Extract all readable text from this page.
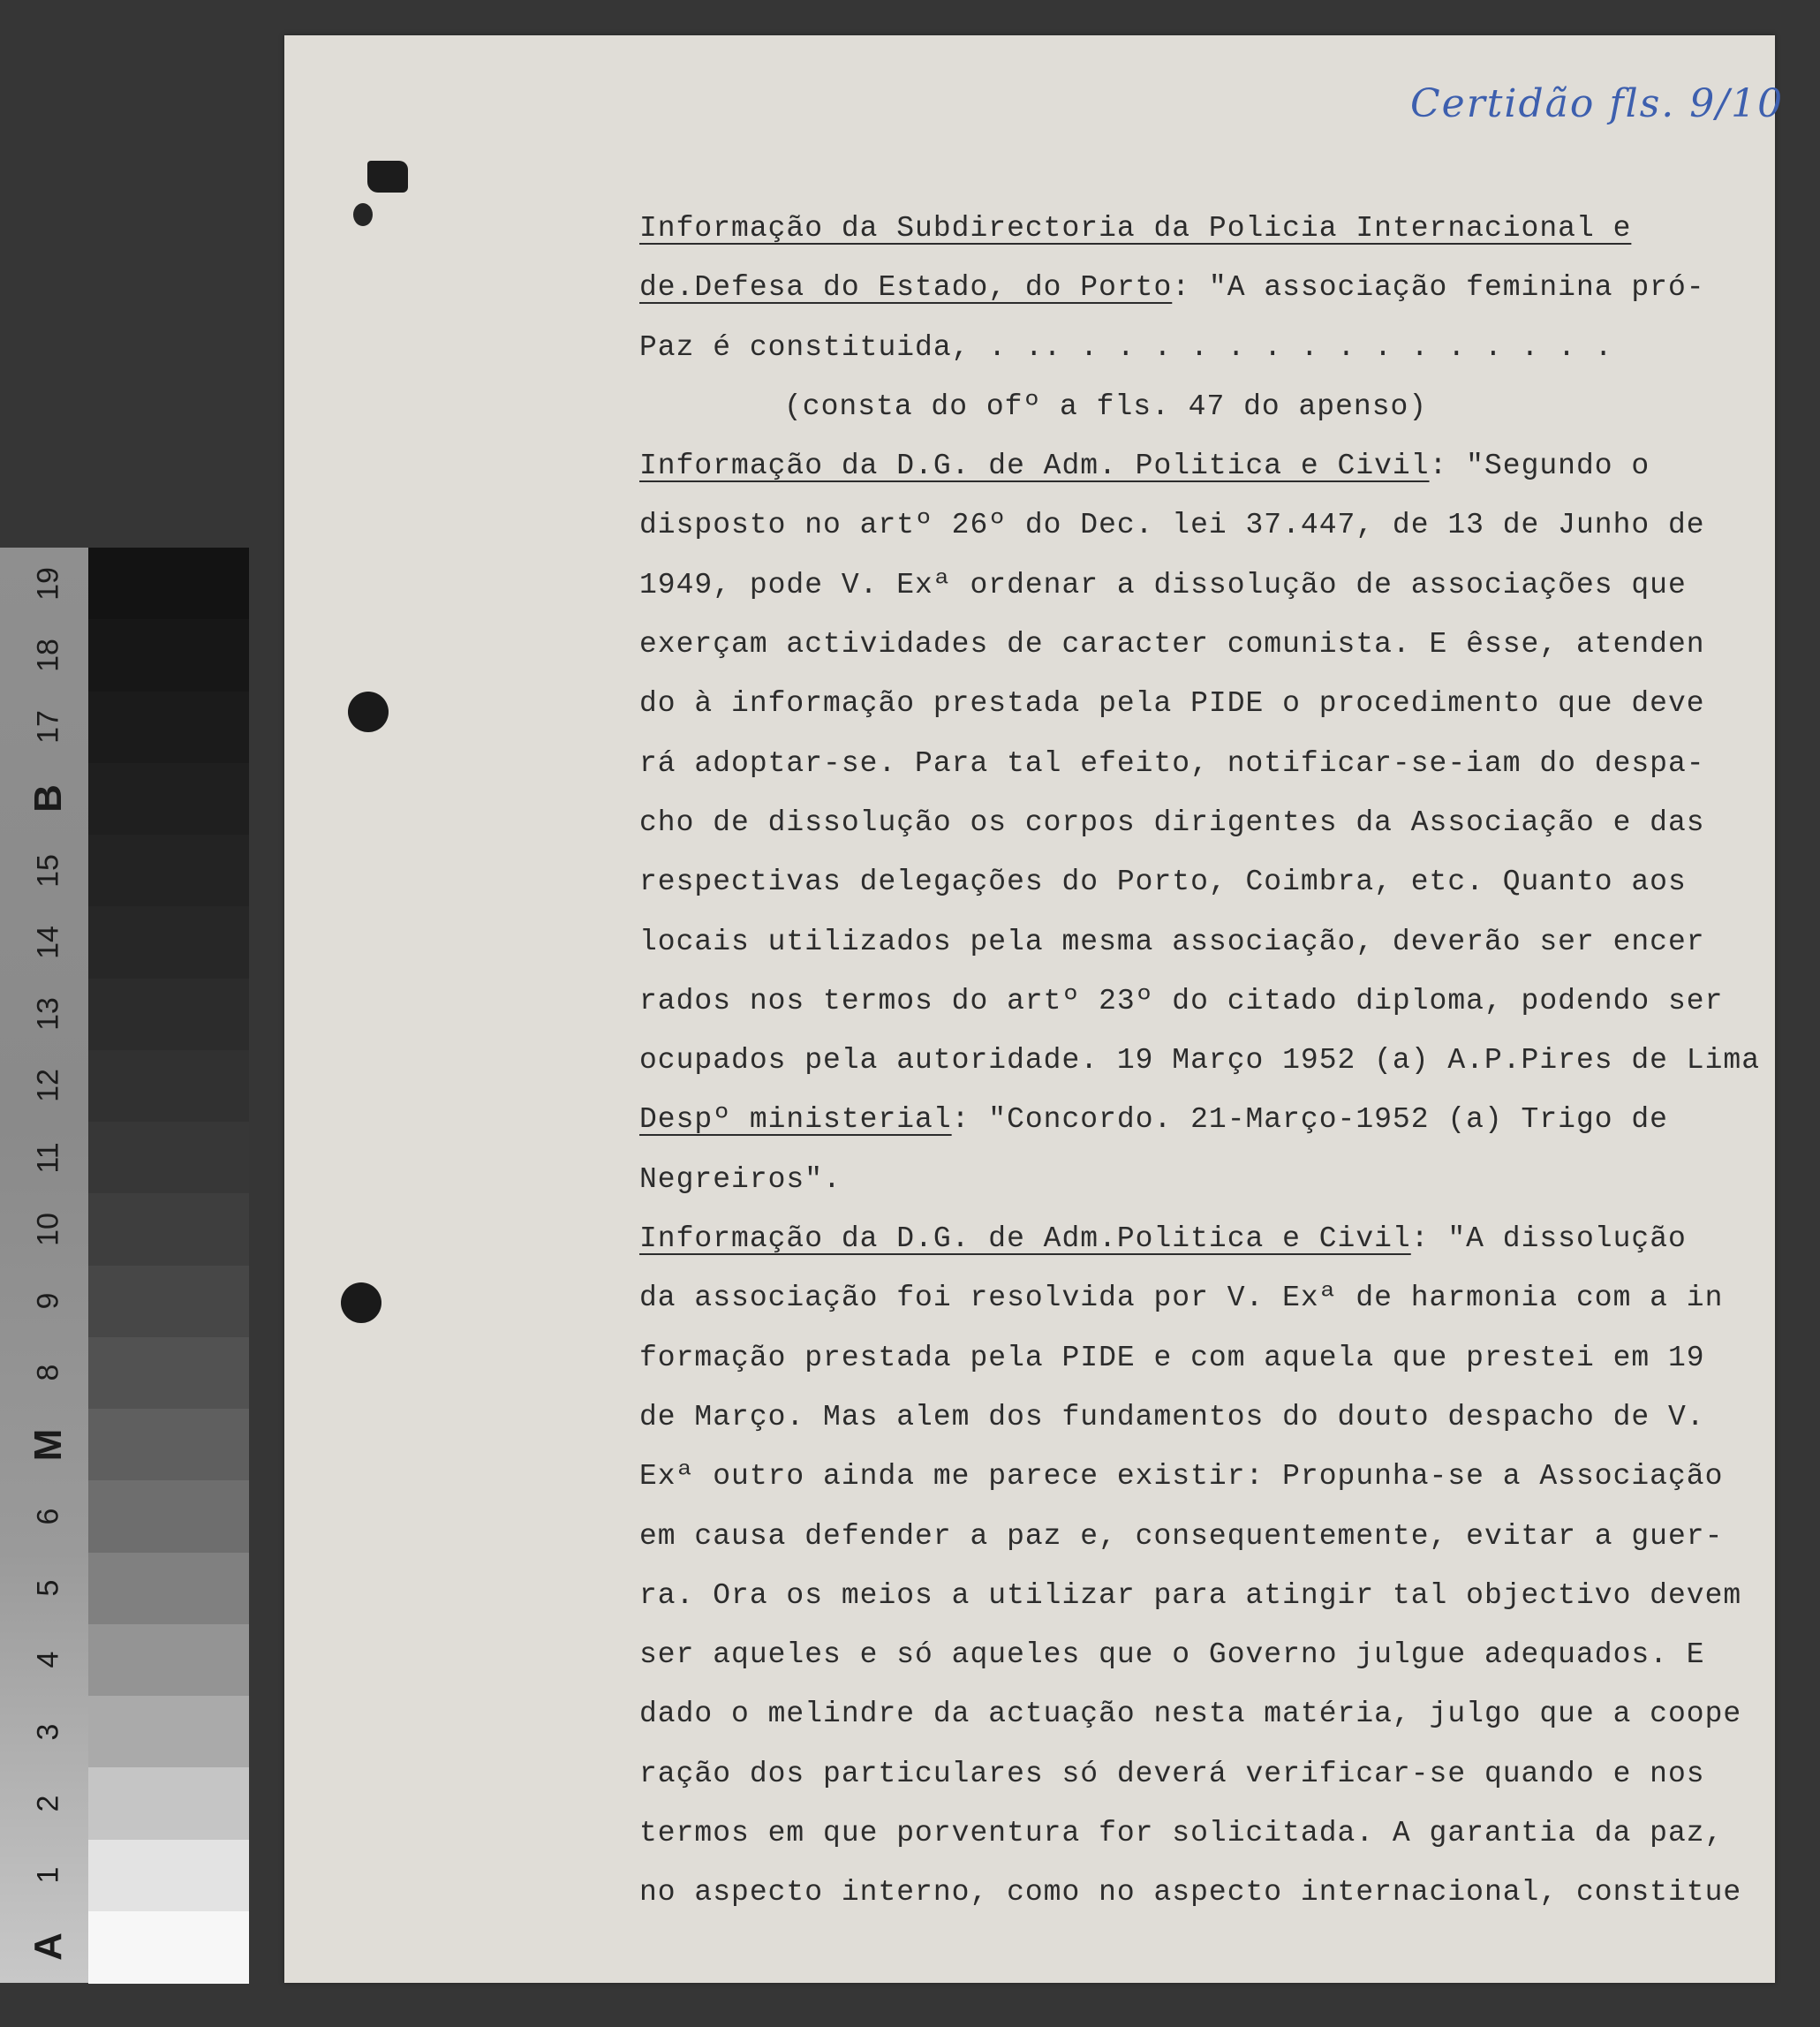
19
18
17
B
15
14
13
12
11
10
9
8
M
6
5
4
3
2
1
A
Certidão fls. 9/10
Informação da Subdirectoria da Policia Internacional e
de.Defesa do Estado, do Porto: "A associação feminina pró-
Paz é constituida, . .. . . . . . . . . . . . . . . .
(consta do ofº a fls. 47 do apenso)
Informação da D.G. de Adm. Politica e Civil: "Segundo o
disposto no artº 26º do Dec. lei 37.447, de 13 de Junho de
1949, pode V. Exª ordenar a dissolução de associações que
exerçam actividades de caracter comunista. E êsse, atenden
do à informação prestada pela PIDE o procedimento que deve
rá adoptar-se. Para tal efeito, notificar-se-iam do despa-
cho de dissolução os corpos dirigentes da Associação e das
respectivas delegações do Porto, Coimbra, etc. Quanto aos
locais utilizados pela mesma associação, deverão ser encer
rados nos termos do artº 23º do citado diploma, podendo ser
ocupados pela autoridade. 19 Março 1952 (a) A.P.Pires de Lima
Despº ministerial: "Concordo. 21-Março-1952 (a) Trigo de
Negreiros".
Informação da D.G. de Adm.Politica e Civil: "A dissolução
da associação foi resolvida por V. Exª de harmonia com a in
formação prestada pela PIDE e com aquela que prestei em 19
de Março. Mas alem dos fundamentos do douto despacho de V.
Exª outro ainda me parece existir: Propunha-se a Associação
em causa defender a paz e, consequentemente, evitar a guer-
ra. Ora os meios a utilizar para atingir tal objectivo devem
ser aqueles e só aqueles que o Governo julgue adequados. E
dado o melindre da actuação nesta matéria, julgo que a coope
ração dos particulares só deverá verificar-se quando e nos
termos em que porventura for solicitada. A garantia da paz,
no aspecto interno, como no aspecto internacional, constitue
